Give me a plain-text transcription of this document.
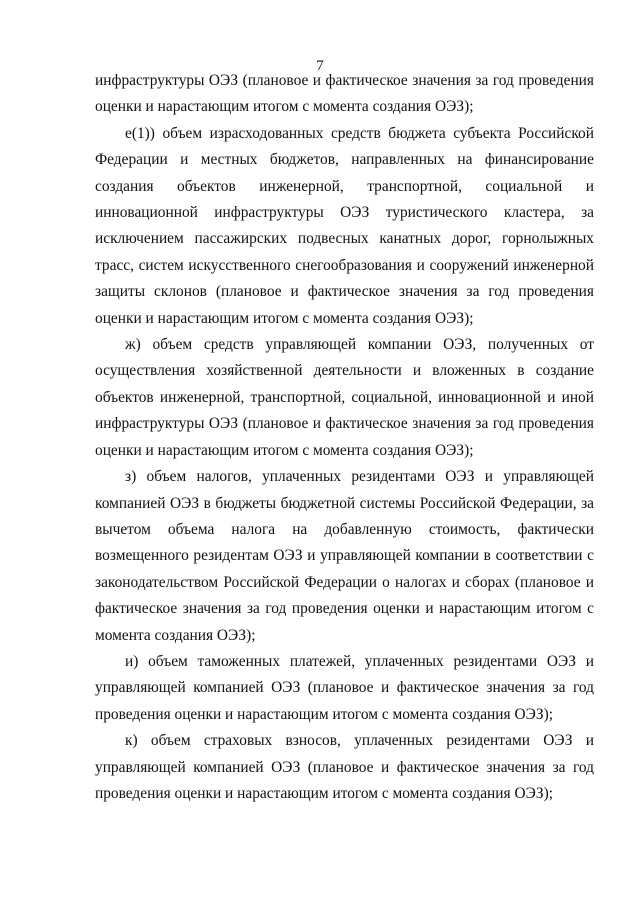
7

инфраструктуры ОЭЗ (плановое и фактическое значения за год проведения оценки и нарастающим итогом с момента создания ОЭЗ);

е(1)) объем израсходованных средств бюджета субъекта Российской Федерации и местных бюджетов, направленных на финансирование создания объектов инженерной, транспортной, социальной и инновационной инфраструктуры ОЭЗ туристического кластера, за исключением пассажирских подвесных канатных дорог, горнолыжных трасс, систем искусственного снегообразования и сооружений инженерной защиты склонов (плановое и фактическое значения за год проведения оценки и нарастающим итогом с момента создания ОЭЗ);

ж) объем средств управляющей компании ОЭЗ, полученных от осуществления хозяйственной деятельности и вложенных в создание объектов инженерной, транспортной, социальной, инновационной и иной инфраструктуры ОЭЗ (плановое и фактическое значения за год проведения оценки и нарастающим итогом с момента создания ОЭЗ);

з) объем налогов, уплаченных резидентами ОЭЗ и управляющей компанией ОЭЗ в бюджеты бюджетной системы Российской Федерации, за вычетом объема налога на добавленную стоимость, фактически возмещенного резидентам ОЭЗ и управляющей компании в соответствии с законодательством Российской Федерации о налогах и сборах (плановое и фактическое значения за год проведения оценки и нарастающим итогом с момента создания ОЭЗ);

и) объем таможенных платежей, уплаченных резидентами ОЭЗ и управляющей компанией ОЭЗ (плановое и фактическое значения за год проведения оценки и нарастающим итогом с момента создания ОЭЗ);

к) объем страховых взносов, уплаченных резидентами ОЭЗ и управляющей компанией ОЭЗ (плановое и фактическое значения за год проведения оценки и нарастающим итогом с момента создания ОЭЗ);
